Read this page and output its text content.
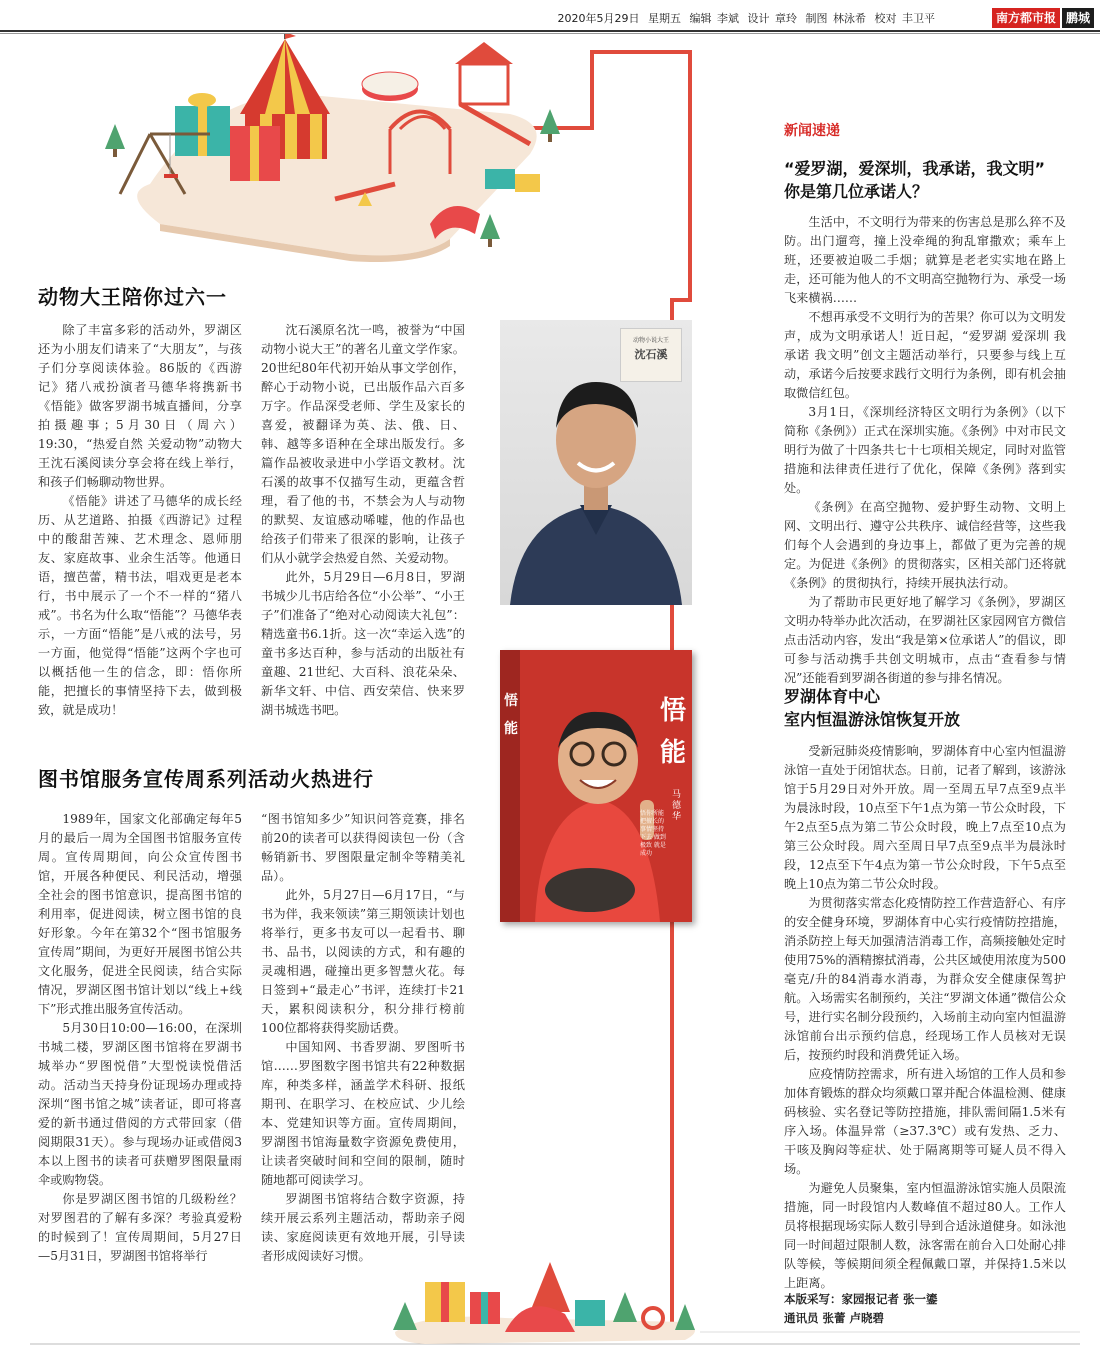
2020年5月29日 星期五 编辑 李斌 设计 章玲 制图 林泳希 校对 丰卫平	南方都市报 鹏城
动物大王陪你过六一

除了丰富多彩的活动外，罗湖区还为小朋友们请来了“大朋友”，与孩子们分享阅读体验。86版的《西游记》猪八戒扮演者马德华将携新书《悟能》做客罗湖书城直播间，分享拍摄趣事；5月30日（周六）19:30，“热爱自然 关爱动物”动物大王沈石溪阅读分享会将在线上举行，和孩子们畅聊动物世界。

《悟能》讲述了马德华的成长经历、从艺道路、拍摄《西游记》过程中的酸甜苦辣、艺术理念、恩师朋友、家庭故事、业余生活等。他通日语，擅芭蕾，精书法，唱戏更是老本行，书中展示了一个不一样的“猪八戒”。书名为什么取“悟能”？马德华表示，一方面“悟能”是八戒的法号，另一方面，他觉得“悟能”这两个字也可以概括他一生的信念，即：悟你所能，把擅长的事情坚持下去，做到极致，就是成功！

沈石溪原名沈一鸣，被誉为“中国动物小说大王”的著名儿童文学作家。20世纪80年代初开始从事文学创作，醉心于动物小说，已出版作品六百多万字。作品深受老师、学生及家长的喜爱，被翻译为英、法、俄、日、韩、越等多语种在全球出版发行。多篇作品被收录进中小学语文教材。沈石溪的故事不仅描写生动，更蕴含哲理，看了他的书，不禁会为人与动物的默契、友谊感动唏嘘，他的作品也给孩子们带来了很深的影响，让孩子们从小就学会热爱自然、关爱动物。

此外，5月29日—6月8日，罗湖书城少儿书店给各位“小公举”、“小王子”们准备了“绝对心动阅读大礼包”：精选童书6.1折。这一次“幸运入选”的童书多达百种，参与活动的出版社有童趣、21世纪、大百科、浪花朵朵、新华文轩、中信、西安荣信、快来罗湖书城选书吧。

图书馆服务宣传周系列活动火热进行

1989年，国家文化部确定每年5月的最后一周为全国图书馆服务宣传周。宣传周期间，向公众宣传图书馆，开展各种便民、利民活动，增强全社会的图书馆意识，提高图书馆的利用率，促进阅读，树立图书馆的良好形象。今年在第32个“图书馆服务宣传周”期间，为更好开展图书馆公共文化服务，促进全民阅读，结合实际情况，罗湖区图书馆计划以“线上+线下”形式推出服务宣传活动。

5月30日10:00—16:00，在深圳书城二楼，罗湖区图书馆将在罗湖书城举办“罗图悦借”大型悦读悦借活动。活动当天持身份证现场办理或持深圳“图书馆之城”读者证，即可将喜爱的新书通过借阅的方式带回家（借阅期限31天）。参与现场办证或借阅3本以上图书的读者可获赠罗图限量雨伞或购物袋。

你是罗湖区图书馆的几级粉丝？对罗图君的了解有多深？考验真爱粉的时候到了！宣传周期间，5月27日—5月31日，罗湖图书馆将举行

“图书馆知多少”知识问答竞赛，排名前20的读者可以获得阅读包一份（含畅销新书、罗图限量定制伞等精美礼品）。

此外，5月27日—6月17日，“与书为伴，我来领读”第三期领读计划也将举行，更多书友可以一起看书、聊书、品书，以阅读的方式，和有趣的灵魂相遇，碰撞出更多智慧火花。每日签到+“最走心”书评，连续打卡21天，累积阅读积分，积分排行榜前100位都将获得奖励话费。

中国知网、书香罗湖、罗图听书馆……罗图数字图书馆共有22种数据库，种类多样，涵盖学术科研、报纸期刊、在职学习、在校应试、少儿绘本、党建知识等方面。宣传周期间，罗湖图书馆海量数字资源免费使用，让读者突破时间和空间的限制，随时随地都可阅读学习。

罗湖图书馆将结合数字资源，持续开展云系列主题活动，帮助亲子阅读、家庭阅读更有效地开展，引导读者形成阅读好习惯。

动物小说大王
沈石溪
悟
能
悟
能
马德华
悟你所能 把擅长的事情坚持下去 做到极致 就是成功
新闻速递
“爱罗湖，爱深圳，我承诺，我文明”
你是第几位承诺人？

生活中，不文明行为带来的伤害总是那么猝不及防。出门遛弯，撞上没牵绳的狗乱窜撒欢；乘车上班，还要被迫吸二手烟；就算是老老实实地在路上走，还可能为他人的不文明高空抛物行为、承受一场飞来横祸……

不想再承受不文明行为的苦果？你可以为文明发声，成为文明承诺人！近日起，“爱罗湖 爱深圳 我承诺 我文明”创文主题活动举行，只要参与线上互动，承诺今后按要求践行文明行为条例，即有机会抽取微信红包。

3月1日，《深圳经济特区文明行为条例》（以下简称《条例》）正式在深圳实施。《条例》中对市民文明行为做了十四条共七十七项相关规定，同时对监管措施和法律责任进行了优化，保障《条例》落到实处。

《条例》在高空抛物、爱护野生动物、文明上网、文明出行、遵守公共秩序、诚信经营等，这些我们每个人会遇到的身边事上，都做了更为完善的规定。为促进《条例》的贯彻落实，区相关部门还将就《条例》的贯彻执行，持续开展执法行动。

为了帮助市民更好地了解学习《条例》，罗湖区文明办特举办此次活动，在罗湖社区家园网官方微信点击活动内容，发出“我是第×位承诺人”的倡议，即可参与活动携手共创文明城市，点击“查看参与情况”还能看到罗湖各街道的参与排名情况。

罗湖体育中心
室内恒温游泳馆恢复开放

受新冠肺炎疫情影响，罗湖体育中心室内恒温游泳馆一直处于闭馆状态。日前，记者了解到，该游泳馆于5月29日对外开放。周一至周五早7点至9点半为晨泳时段，10点至下午1点为第一节公众时段，下午2点至5点为第二节公众时段，晚上7点至10点为第三公众时段。周六至周日早7点至9点半为晨泳时段，12点至下午4点为第一节公众时段，下午5点至晚上10点为第二节公众时段。

为贯彻落实常态化疫情防控工作营造舒心、有序的安全健身环境，罗湖体育中心实行疫情防控措施，消杀防控上每天加强清洁消毒工作，高频接触处定时使用75%的酒精擦拭消毒，公共区域使用浓度为500毫克/升的84消毒水消毒，为群众安全健康保驾护航。入场需实名制预约，关注“罗湖文体通”微信公众号，进行实名制分段预约，入场前主动向室内恒温游泳馆前台出示预约信息，经现场工作人员核对无误后，按预约时段和消费凭证入场。

应疫情防控需求，所有进入场馆的工作人员和参加体育锻炼的群众均须戴口罩并配合体温检测、健康码核验、实名登记等防控措施，排队需间隔1.5米有序入场。体温异常（≥37.3℃）或有发热、乏力、干咳及胸闷等症状、处于隔离期等可疑人员不得入场。

为避免人员聚集，室内恒温游泳馆实施人员限流措施，同一时段馆内人数峰值不超过80人。工作人员将根据现场实际人数引导到合适泳道健身。如泳池同一时间超过限制人数，泳客需在前台入口处耐心排队等候，等候期间须全程佩戴口罩，并保持1.5米以上距离。

本版采写：家园报记者 张一鎏
通讯员 张蕾 卢晓碧
